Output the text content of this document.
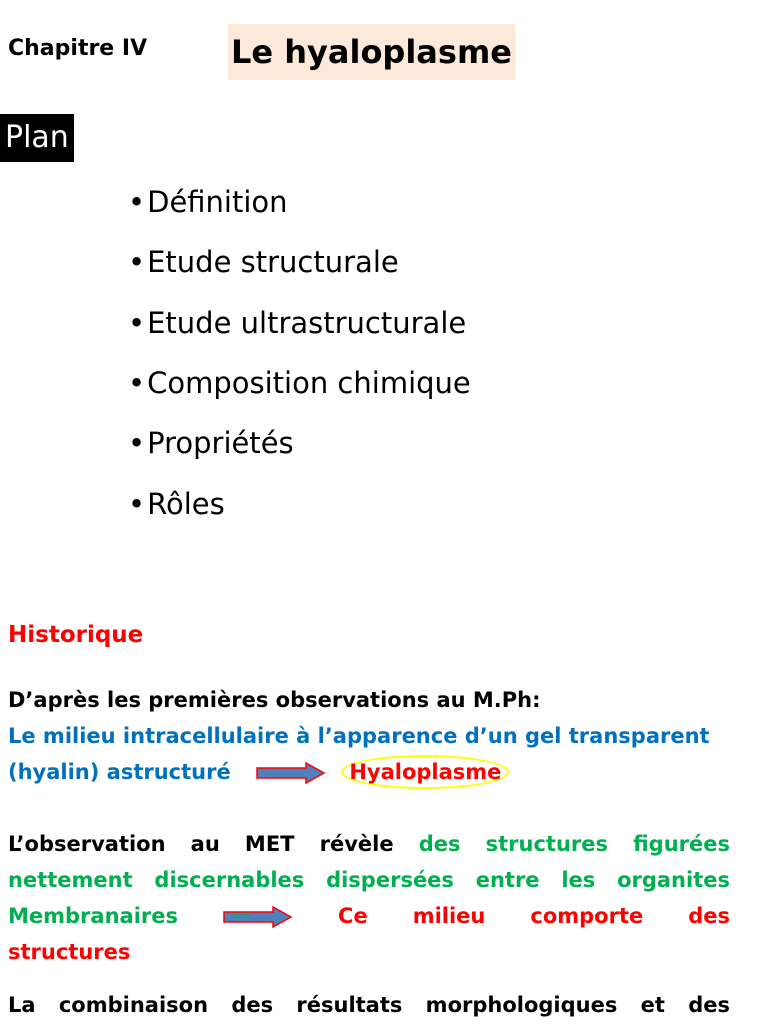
Chapitre IV	Le hyaloplasme
Plan
•Définition
•Etude structurale
•Etude ultrastructurale
•Composition chimique
•Propriétés
•Rôles
Historique
D’après les premières observations au M.Ph:
Le milieu intracellulaire à l’apparence d’un gel transparent
(hyalin) astructuré	Hyaloplasme
L’observation au MET révèle des structures figurées
nettement discernables dispersées entre les organites
Membranaires	cemi	Ce milieu comporte des
structures
La combinaison des résultats morphologiques et des
